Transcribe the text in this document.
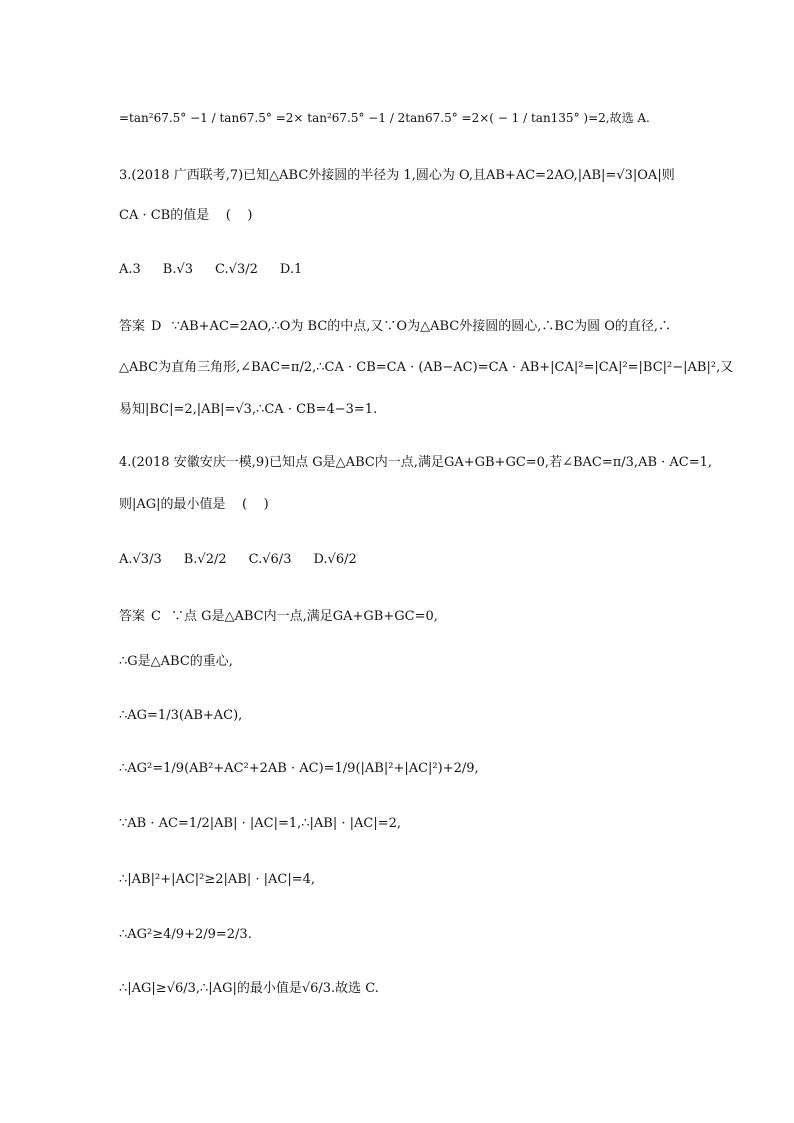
=tan²67.5° −1 / tan67.5° =2× tan²67.5° −1 / 2tan67.5° =2×( − 1 / tan135° )=2,故选 A.
3.(2018 广西联考,7)已知△ABC外接圆的半径为 1,圆心为 O,且AB+AC=2AO,|AB|=√3|OA|则
CA · CB的值是    (    )
A.3 B.√3 C.√3/2 D.1
答案 D ∵AB+AC=2AO,∴O为 BC的中点,又∵O为△ABC外接圆的圆心,∴BC为圆 O的直径,∴
△ABC为直角三角形,∠BAC=π/2,∴CA · CB=CA · (AB−AC)=CA · AB+|CA|²=|CA|²=|BC|²−|AB|²,又
易知|BC|=2,|AB|=√3,∴CA · CB=4−3=1.
4.(2018 安徽安庆一模,9)已知点 G是△ABC内一点,满足GA+GB+GC=0,若∠BAC=π/3,AB · AC=1,
则|AG|的最小值是    (    )
A.√3/3 B.√2/2 C.√6/3 D.√6/2
答案 C ∵点 G是△ABC内一点,满足GA+GB+GC=0,
∴G是△ABC的重心,
∴AG=1/3(AB+AC),
∴AG²=1/9(AB²+AC²+2AB · AC)=1/9(|AB|²+|AC|²)+2/9,
∵AB · AC=1/2|AB| · |AC|=1,∴|AB| · |AC|=2,
∴|AB|²+|AC|²≥2|AB| · |AC|=4,
∴AG²≥4/9+2/9=2/3.
∴|AG|≥√6/3,∴|AG|的最小值是√6/3.故选 C.
